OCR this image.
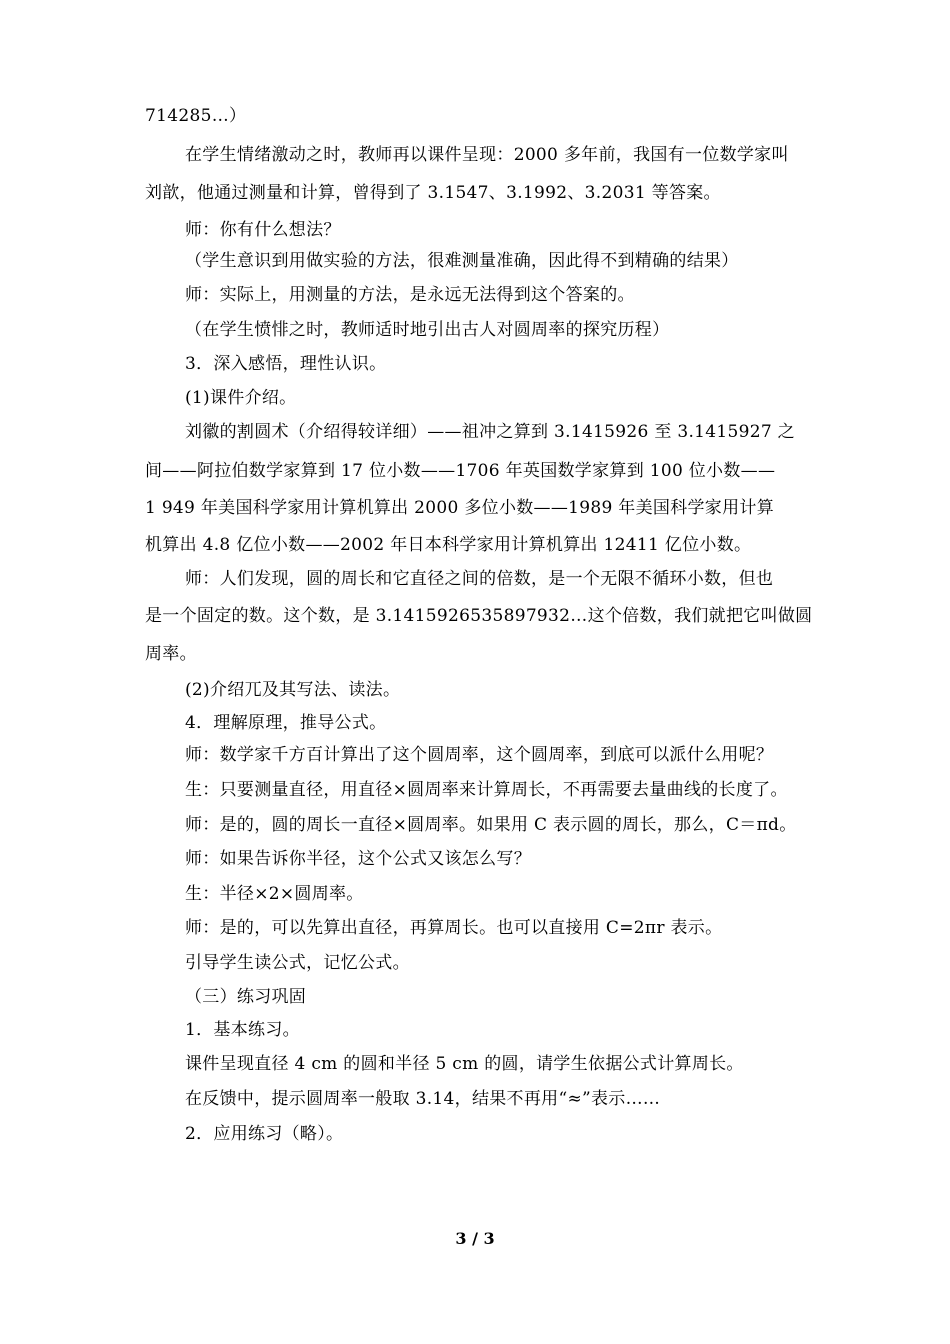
714285…）
在学生情绪激动之时，教师再以课件呈现：2000 多年前，我国有一位数学家叫
刘歆，他通过测量和计算，曾得到了 3.1547、3.1992、3.2031 等答案。
师：你有什么想法？
（学生意识到用做实验的方法，很难测量准确，因此得不到精确的结果）
师：实际上，用测量的方法，是永远无法得到这个答案的。
（在学生愤悱之时，教师适时地引出古人对圆周率的探究历程）
3．深入感悟，理性认识。
(1)课件介绍。
刘徽的割圆术（介绍得较详细）——祖冲之算到 3.1415926 至 3.1415927 之
间——阿拉伯数学家算到 17 位小数——1706 年英国数学家算到 100 位小数——
1 949 年美国科学家用计算机算出 2000 多位小数——1989 年美国科学家用计算
机算出 4.8 亿位小数——2002 年日本科学家用计算机算出 12411 亿位小数。
师：人们发现，圆的周长和它直径之间的倍数，是一个无限不循环小数，但也
是一个固定的数。这个数，是 3.1415926535897932…这个倍数，我们就把它叫做圆
周率。
(2)介绍兀及其写法、读法。
4．理解原理，推导公式。
师：数学家千方百计算出了这个圆周率，这个圆周率，到底可以派什么用呢？
生：只要测量直径，用直径×圆周率来计算周长，不再需要去量曲线的长度了。
师：是的，圆的周长一直径×圆周率。如果用 C 表示圆的周长，那么，C＝πd。
师：如果告诉你半径，这个公式又该怎么写？
生：半径×2×圆周率。
师：是的，可以先算出直径，再算周长。也可以直接用 C=2πr 表示。
引导学生读公式，记忆公式。
（三）练习巩固
1．基本练习。
课件呈现直径 4 cm 的圆和半径 5 cm 的圆，请学生依据公式计算周长。
在反馈中，提示圆周率一般取 3.14，结果不再用“≈”表示……
2．应用练习（略）。
3 / 3
